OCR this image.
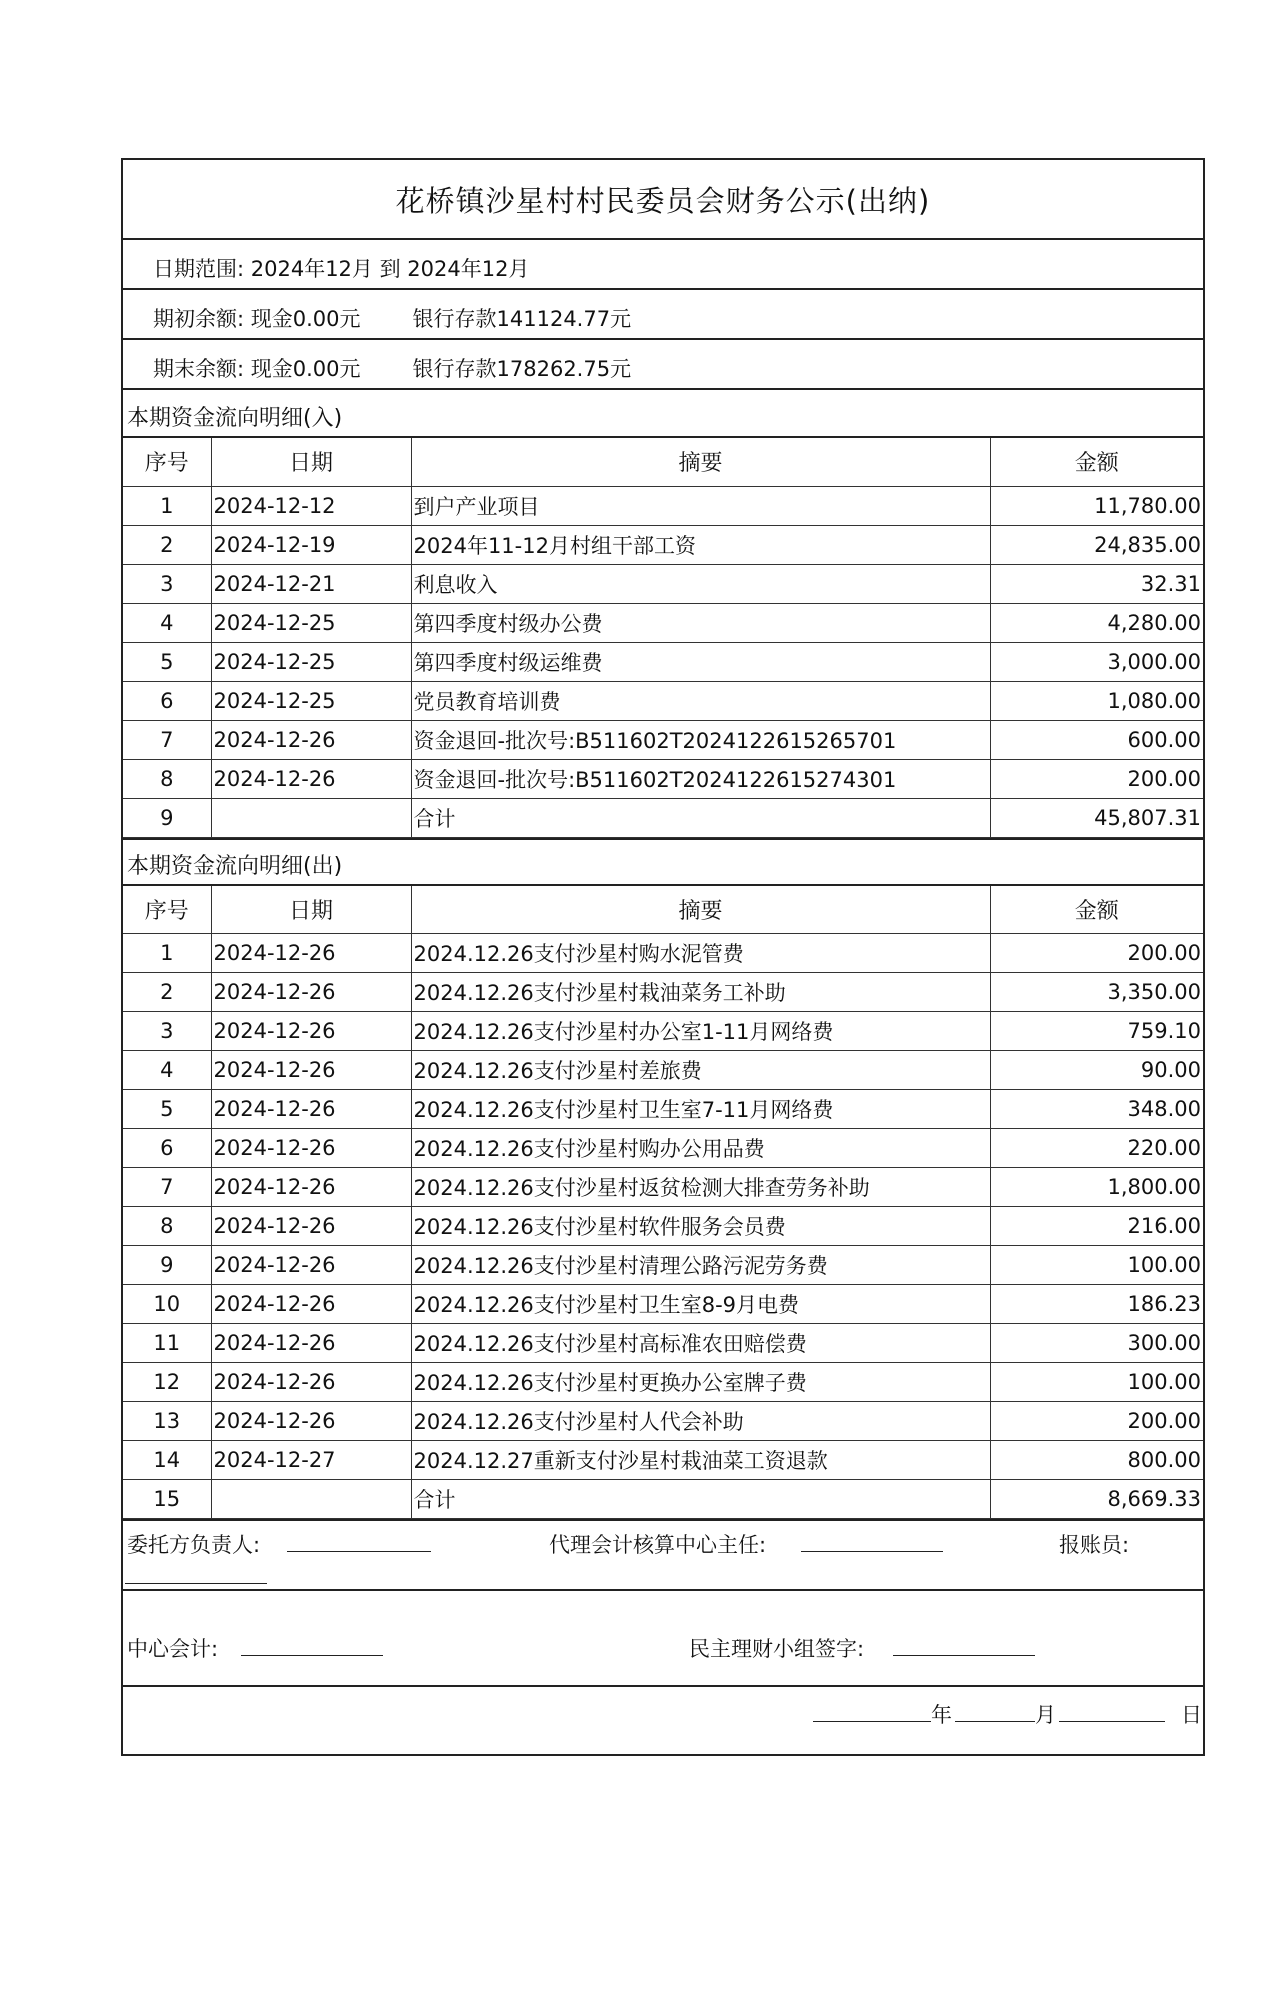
花桥镇沙星村村民委员会财务公示(出纳)
日期范围: 2024年12月 到 2024年12月
期初余额: 现金0.00元 银行存款141124.77元
期末余额: 现金0.00元 银行存款178262.75元
本期资金流向明细(入)
序号	日期	摘要	金额
1	2024-12-12	到户产业项目	11,780.00
2	2024-12-19	2024年11-12月村组干部工资	24,835.00
3	2024-12-21	利息收入	32.31
4	2024-12-25	第四季度村级办公费	4,280.00
5	2024-12-25	第四季度村级运维费	3,000.00
6	2024-12-25	党员教育培训费	1,080.00
7	2024-12-26	资金退回-批次号:B511602T2024122615265701	600.00
8	2024-12-26	资金退回-批次号:B511602T2024122615274301	200.00
9		合计	45,807.31
本期资金流向明细(出)
序号	日期	摘要	金额
1	2024-12-26	2024.12.26支付沙星村购水泥管费	200.00
2	2024-12-26	2024.12.26支付沙星村栽油菜务工补助	3,350.00
3	2024-12-26	2024.12.26支付沙星村办公室1-11月网络费	759.10
4	2024-12-26	2024.12.26支付沙星村差旅费	90.00
5	2024-12-26	2024.12.26支付沙星村卫生室7-11月网络费	348.00
6	2024-12-26	2024.12.26支付沙星村购办公用品费	220.00
7	2024-12-26	2024.12.26支付沙星村返贫检测大排查劳务补助	1,800.00
8	2024-12-26	2024.12.26支付沙星村软件服务会员费	216.00
9	2024-12-26	2024.12.26支付沙星村清理公路污泥劳务费	100.00
10	2024-12-26	2024.12.26支付沙星村卫生室8-9月电费	186.23
11	2024-12-26	2024.12.26支付沙星村高标准农田赔偿费	300.00
12	2024-12-26	2024.12.26支付沙星村更换办公室牌子费	100.00
13	2024-12-26	2024.12.26支付沙星村人代会补助	200.00
14	2024-12-27	2024.12.27重新支付沙星村栽油菜工资退款	800.00
15		合计	8,669.33
委托方负责人:	代理会计核算中心主任:	报账员:
中心会计:	民主理财小组签字:
年	月	日
